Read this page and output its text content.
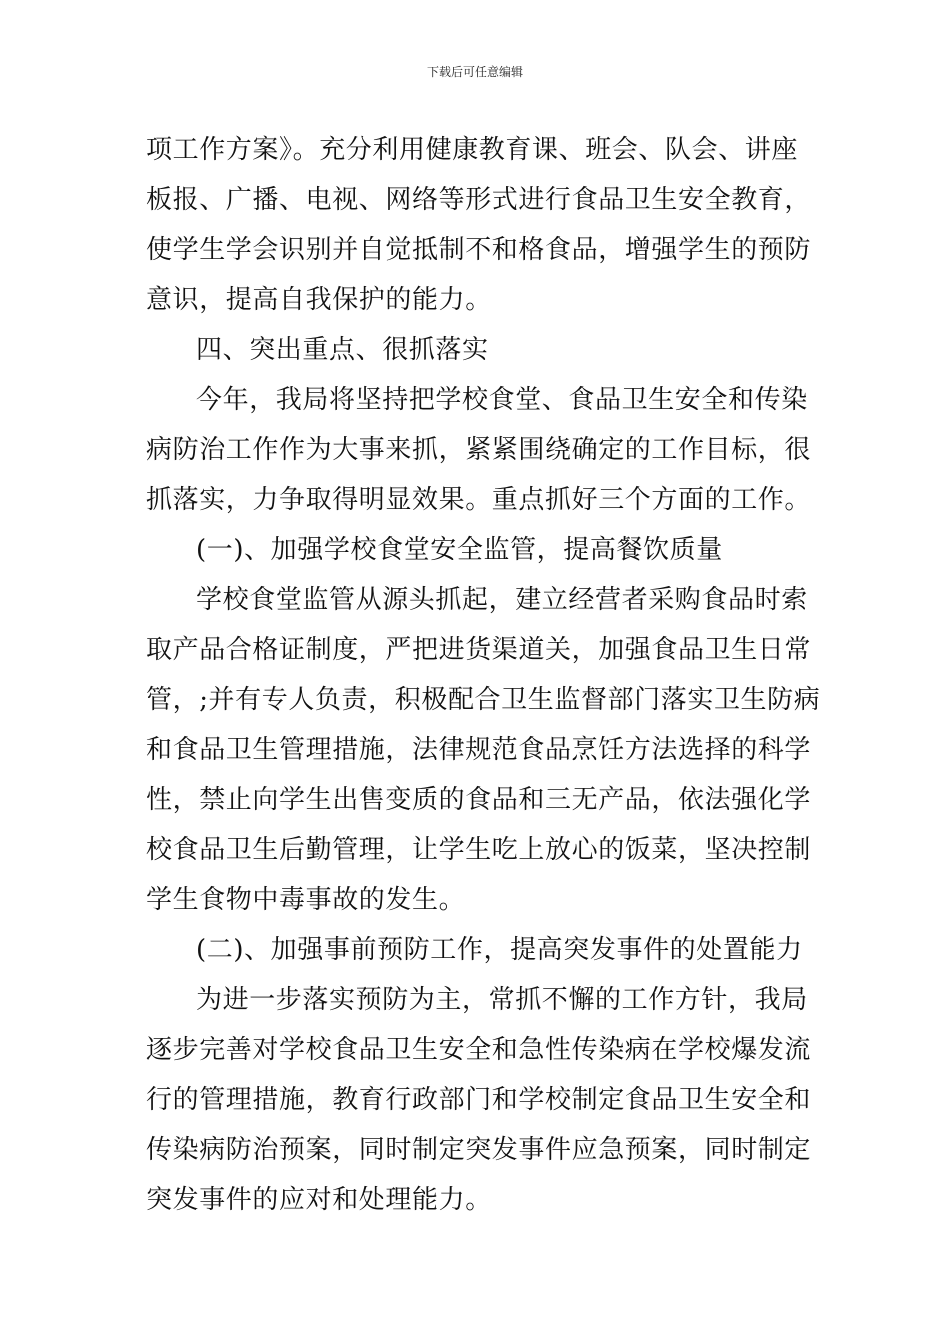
下载后可任意编辑
项工作方案》。充分利用健康教育课、班会、队会、讲座
板报、广播、电视、网络等形式进行食品卫生安全教育，
使学生学会识别并自觉抵制不和格食品，增强学生的预防
意识，提高自我保护的能力。
四、突出重点、很抓落实
今年，我局将坚持把学校食堂、食品卫生安全和传染
病防治工作作为大事来抓，紧紧围绕确定的工作目标，很
抓落实，力争取得明显效果。重点抓好三个方面的工作。
(一)、加强学校食堂安全监管，提高餐饮质量
学校食堂监管从源头抓起，建立经营者采购食品时索
取产品合格证制度，严把进货渠道关，加强食品卫生日常
管，;并有专人负责，积极配合卫生监督部门落实卫生防病
和食品卫生管理措施，法律规范食品烹饪方法选择的科学
性，禁止向学生出售变质的食品和三无产品，依法强化学
校食品卫生后勤管理，让学生吃上放心的饭菜，坚决控制
学生食物中毒事故的发生。
(二)、加强事前预防工作，提高突发事件的处置能力
为进一步落实预防为主，常抓不懈的工作方针，我局
逐步完善对学校食品卫生安全和急性传染病在学校爆发流
行的管理措施，教育行政部门和学校制定食品卫生安全和
传染病防治预案，同时制定突发事件应急预案，同时制定
突发事件的应对和处理能力。
